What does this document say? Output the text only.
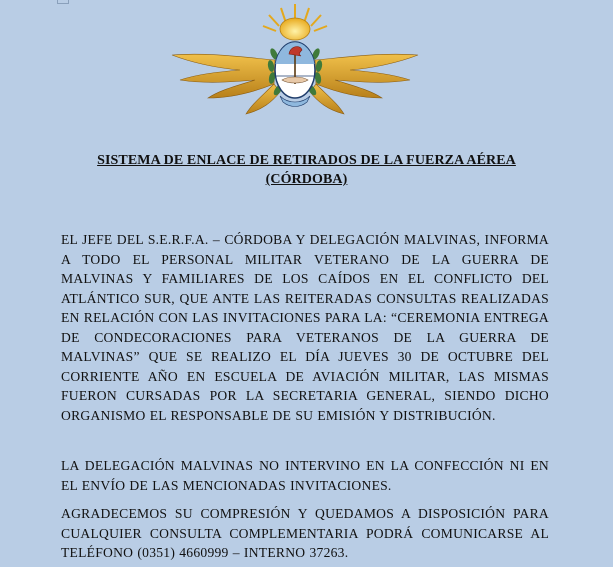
SISTEMA DE ENLACE DE RETIRADOS DE LA FUERZA AÉREA
(CÓRDOBA)
EL JEFE DEL S.E.R.F.A. – CÓRDOBA Y DELEGACIÓN MALVINAS, INFORMA A TODO EL PERSONAL MILITAR VETERANO DE LA GUERRA DE MALVINAS Y FAMILIARES DE LOS CAÍDOS EN EL CONFLICTO DEL ATLÁNTICO SUR, QUE ANTE LAS REITERADAS CONSULTAS REALIZADAS EN RELACIÓN CON LAS INVITACIONES PARA LA: “CEREMONIA ENTREGA DE CONDECORACIONES PARA VETERANOS DE LA GUERRA DE MALVINAS” QUE SE REALIZO EL DÍA JUEVES 30 DE OCTUBRE DEL CORRIENTE AÑO EN ESCUELA DE AVIACIÓN MILITAR, LAS MISMAS FUERON CURSADAS POR LA SECRETARIA GENERAL, SIENDO DICHO ORGANISMO EL RESPONSABLE DE SU EMISIÓN Y DISTRIBUCIÓN.
LA DELEGACIÓN MALVINAS NO INTERVINO EN LA CONFECCIÓN NI EN EL ENVÍO DE LAS MENCIONADAS INVITACIONES.
AGRADECEMOS SU COMPRESIÓN Y QUEDAMOS A DISPOSICIÓN PARA CUALQUIER CONSULTA COMPLEMENTARIA PODRÁ COMUNICARSE AL TELÉFONO (0351) 4660999 – INTERNO 37263.
